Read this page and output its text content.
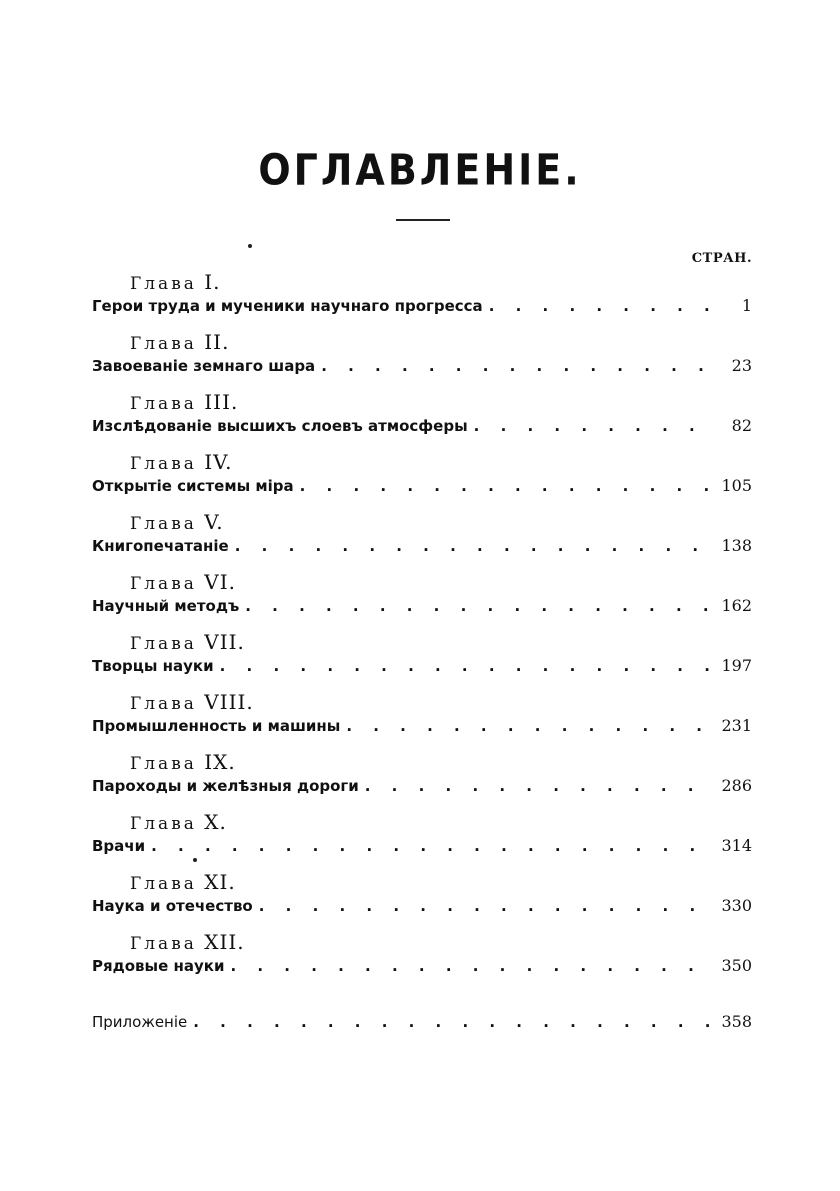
ОГЛАВЛЕНІЕ.
СТРАН.
Глава I.
Герои труда и мученики научнаго прогресса . . .	1
Глава II.
Завоеваніе земнаго шара . . .	23
Глава III.
Изслѣдованіе высшихъ слоевъ атмосферы . . .	82
Глава IV.
Открытіе системы міра . . .	105
Глава V.
Книгопечатаніе . . .	138
Глава VI.
Научный методъ . . .	162
Глава VII.
Творцы науки . . .	197
Глава VIII.
Промышленность и машины . . .	231
Глава IX.
Пароходы и желѣзныя дороги . . .	286
Глава X.
Врачи . . .	314
Глава XI.
Наука и отечество . . .	330
Глава XII.
Рядовые науки . . .	350
Приложеніе . . .	358
